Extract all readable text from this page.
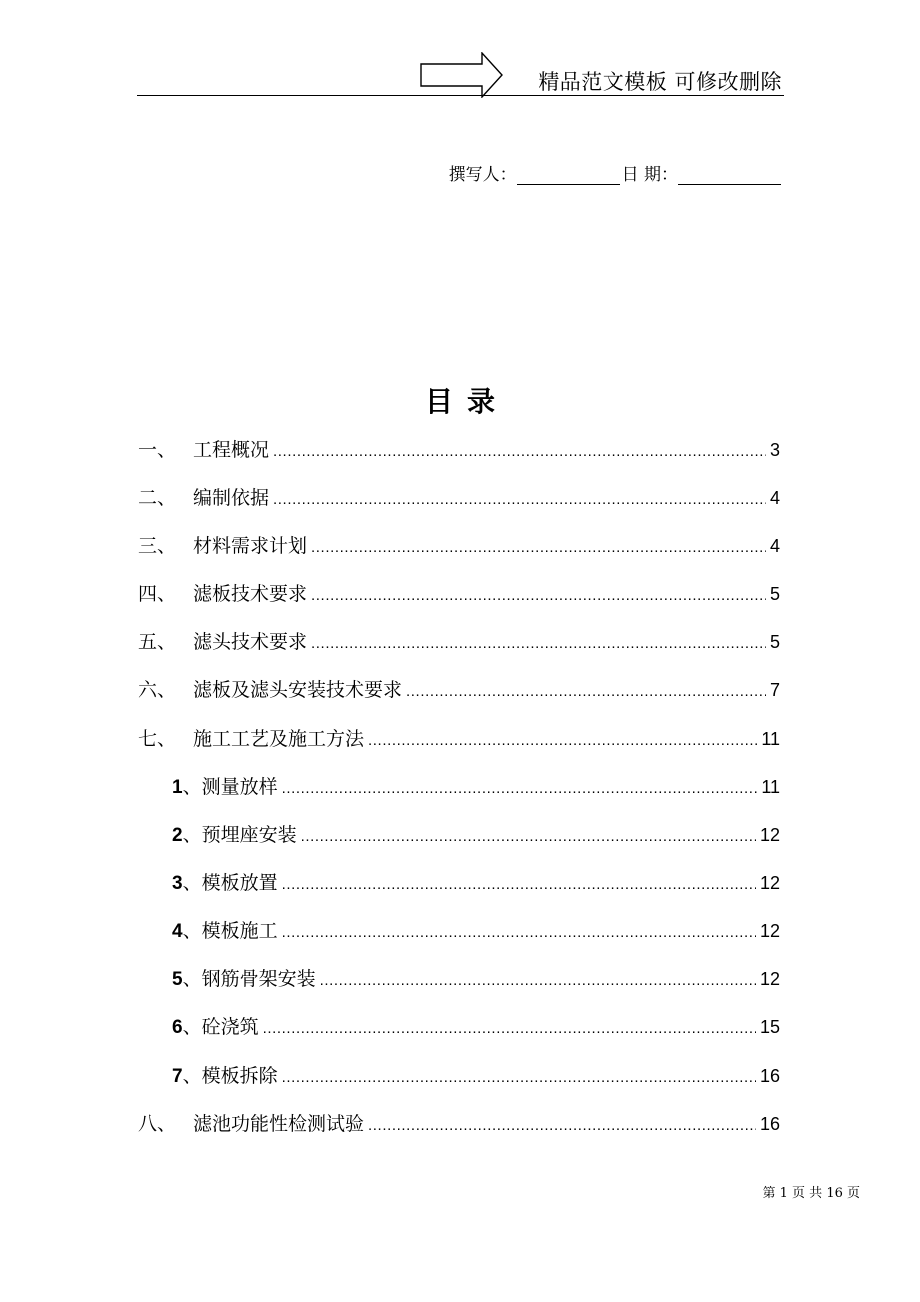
精品范文模板 可修改删除
撰写人：	日 期：
目录
一、 工程概况 .....	3
二、 编制依据 .....	4
三、 材料需求计划 .....	4
四、 滤板技术要求 .....	5
五、 滤头技术要求 .....	5
六、 滤板及滤头安装技术要求 .....	7
七、 施工工艺及施工方法 .....	11
1 、测量放样 .....	11
2 、预埋座安装 .....	12
3 、模板放置 .....	12
4 、模板施工 .....	12
5 、钢筋骨架安装 .....	12
6 、砼浇筑 .....	15
7 、模板拆除 .....	16
八、 滤池功能性检测试验 .....	16
第 1 页 共 16 页
